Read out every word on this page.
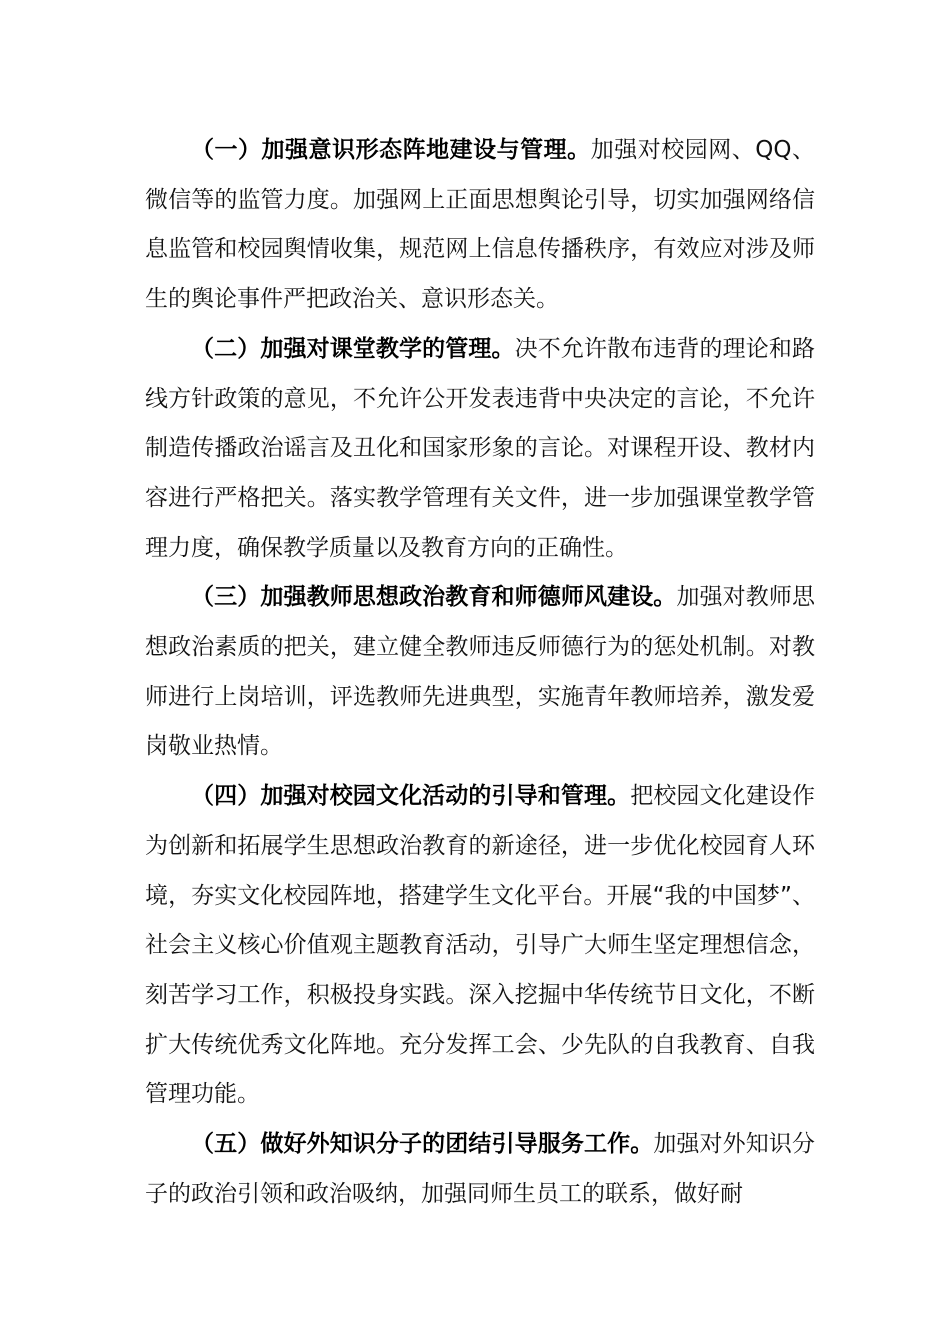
（一）加强意识形态阵地建设与管理。加强对校园网、QQ、微信等的监管力度。加强网上正面思想舆论引导，切实加强网络信息监管和校园舆情收集，规范网上信息传播秩序，有效应对涉及师生的舆论事件严把政治关、意识形态关。

（二）加强对课堂教学的管理。决不允许散布违背的理论和路线方针政策的意见，不允许公开发表违背中央决定的言论，不允许制造传播政治谣言及丑化和国家形象的言论。对课程开设、教材内容进行严格把关。落实教学管理有关文件，进一步加强课堂教学管理力度，确保教学质量以及教育方向的正确性。

（三）加强教师思想政治教育和师德师风建设。加强对教师思想政治素质的把关，建立健全教师违反师德行为的惩处机制。对教师进行上岗培训，评选教师先进典型，实施青年教师培养，激发爱岗敬业热情。

（四）加强对校园文化活动的引导和管理。把校园文化建设作为创新和拓展学生思想政治教育的新途径，进一步优化校园育人环境，夯实文化校园阵地，搭建学生文化平台。开展“我的中国梦”、社会主义核心价值观主题教育活动，引导广大师生坚定理想信念，刻苦学习工作，积极投身实践。深入挖掘中华传统节日文化，不断扩大传统优秀文化阵地。充分发挥工会、少先队的自我教育、自我管理功能。

（五）做好外知识分子的团结引导服务工作。加强对外知识分子的政治引领和政治吸纳，加强同师生员工的联系，做好耐
